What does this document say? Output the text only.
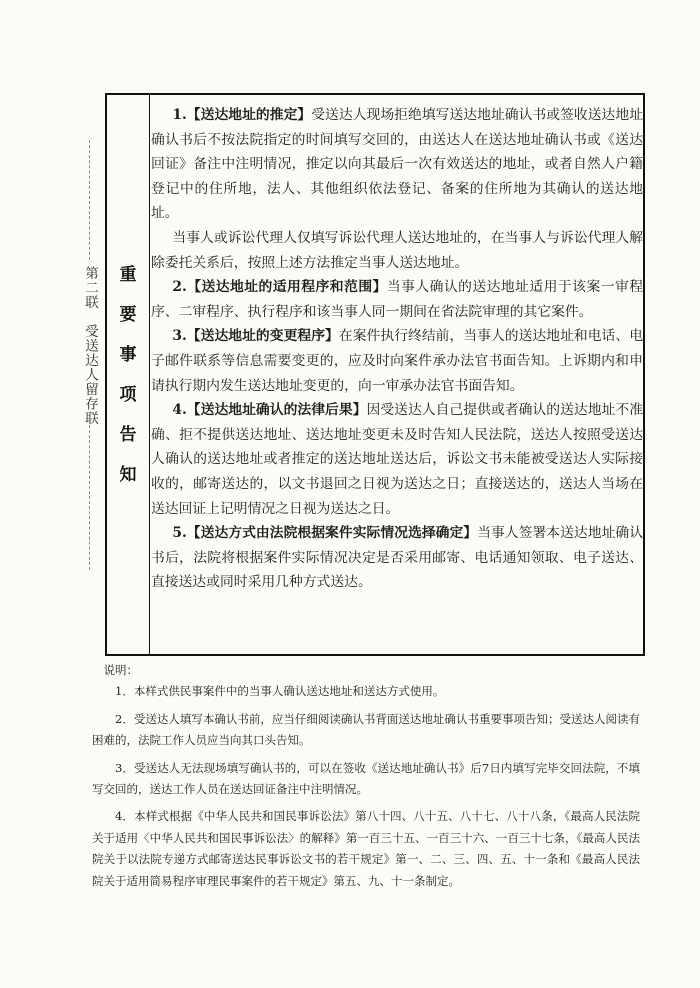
第二联　受送达人留存联 重
要
事
项
告
知

1.【送达地址的推定】受送达人现场拒绝填写送达地址确认书或签收送达地址确认书后不按法院指定的时间填写交回的，由送达人在送达地址确认书或《送达回证》备注中注明情况，推定以向其最后一次有效送达的地址，或者自然人户籍登记中的住所地，法人、其他组织依法登记、备案的住所地为其确认的送达地址。

当事人或诉讼代理人仅填写诉讼代理人送达地址的，在当事人与诉讼代理人解除委托关系后，按照上述方法推定当事人送达地址。

2.【送达地址的适用程序和范围】当事人确认的送达地址适用于该案一审程序、二审程序、执行程序和该当事人同一期间在省法院审理的其它案件。

3.【送达地址的变更程序】在案件执行终结前，当事人的送达地址和电话、电子邮件联系等信息需要变更的，应及时向案件承办法官书面告知。上诉期内和申请执行期内发生送达地址变更的，向一审承办法官书面告知。

4.【送达地址确认的法律后果】因受送达人自己提供或者确认的送达地址不准确、拒不提供送达地址、送达地址变更未及时告知人民法院，送达人按照受送达人确认的送达地址或者推定的送达地址送达后，诉讼文书未能被受送达人实际接收的，邮寄送达的，以文书退回之日视为送达之日；直接送达的，送达人当场在送达回证上记明情况之日视为送达之日。

5.【送达方式由法院根据案件实际情况选择确定】当事人签署本送达地址确认书后，法院将根据案件实际情况决定是否采用邮寄、电话通知领取、电子送达、直接送达或同时采用几种方式送达。

说明：

1．本样式供民事案件中的当事人确认送达地址和送达方式使用。

2．受送达人填写本确认书前，应当仔细阅读确认书背面送达地址确认书重要事项告知；受送达人阅读有困难的，法院工作人员应当向其口头告知。

3．受送达人无法现场填写确认书的，可以在签收《送达地址确认书》后7日内填写完毕交回法院，不填写交回的，送达工作人员在送达回证备注中注明情况。

4．本样式根据《中华人民共和国民事诉讼法》第八十四、八十五、八十七、八十八条，《最高人民法院关于适用〈中华人民共和国民事诉讼法〉的解释》第一百三十五、一百三十六、一百三十七条，《最高人民法院关于以法院专递方式邮寄送达民事诉讼文书的若干规定》第一、二、三、四、五、十一条和《最高人民法院关于适用简易程序审理民事案件的若干规定》第五、九、十一条制定。
